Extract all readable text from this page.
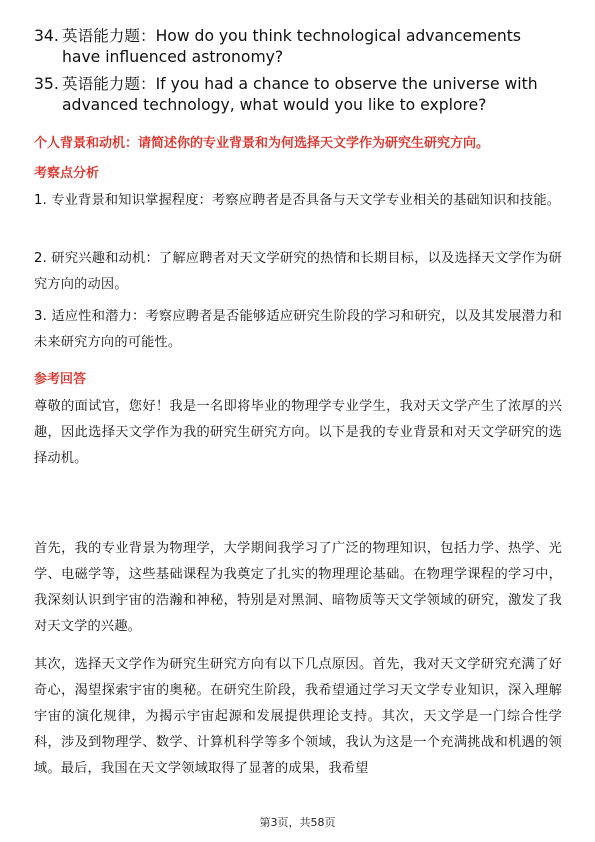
34. 英语能力题：How do you think technological advancements have influenced astronomy?
35. 英语能力题：If you had a chance to observe the universe with advanced technology, what would you like to explore?
个人背景和动机：请简述你的专业背景和为何选择天文学作为研究生研究方向。
考察点分析
1. 专业背景和知识掌握程度：考察应聘者是否具备与天文学专业相关的基础知识和技能。
2. 研究兴趣和动机：了解应聘者对天文学研究的热情和长期目标，以及选择天文学作为研究方向的动因。
3. 适应性和潜力：考察应聘者是否能够适应研究生阶段的学习和研究，以及其发展潜力和未来研究方向的可能性。
参考回答
尊敬的面试官，您好！我是一名即将毕业的物理学专业学生，我对天文学产生了浓厚的兴趣，因此选择天文学作为我的研究生研究方向。以下是我的专业背景和对天文学研究的选择动机。
首先，我的专业背景为物理学，大学期间我学习了广泛的物理知识，包括力学、热学、光学、电磁学等，这些基础课程为我奠定了扎实的物理理论基础。在物理学课程的学习中，我深刻认识到宇宙的浩瀚和神秘，特别是对黑洞、暗物质等天文学领域的研究，激发了我对天文学的兴趣。
其次，选择天文学作为研究生研究方向有以下几点原因。首先，我对天文学研究充满了好奇心，渴望探索宇宙的奥秘。在研究生阶段，我希望通过学习天文学专业知识，深入理解宇宙的演化规律，为揭示宇宙起源和发展提供理论支持。其次，天文学是一门综合性学科，涉及到物理学、数学、计算机科学等多个领域，我认为这是一个充满挑战和机遇的领域。最后，我国在天文学领域取得了显著的成果，我希望
第3页，共58页
